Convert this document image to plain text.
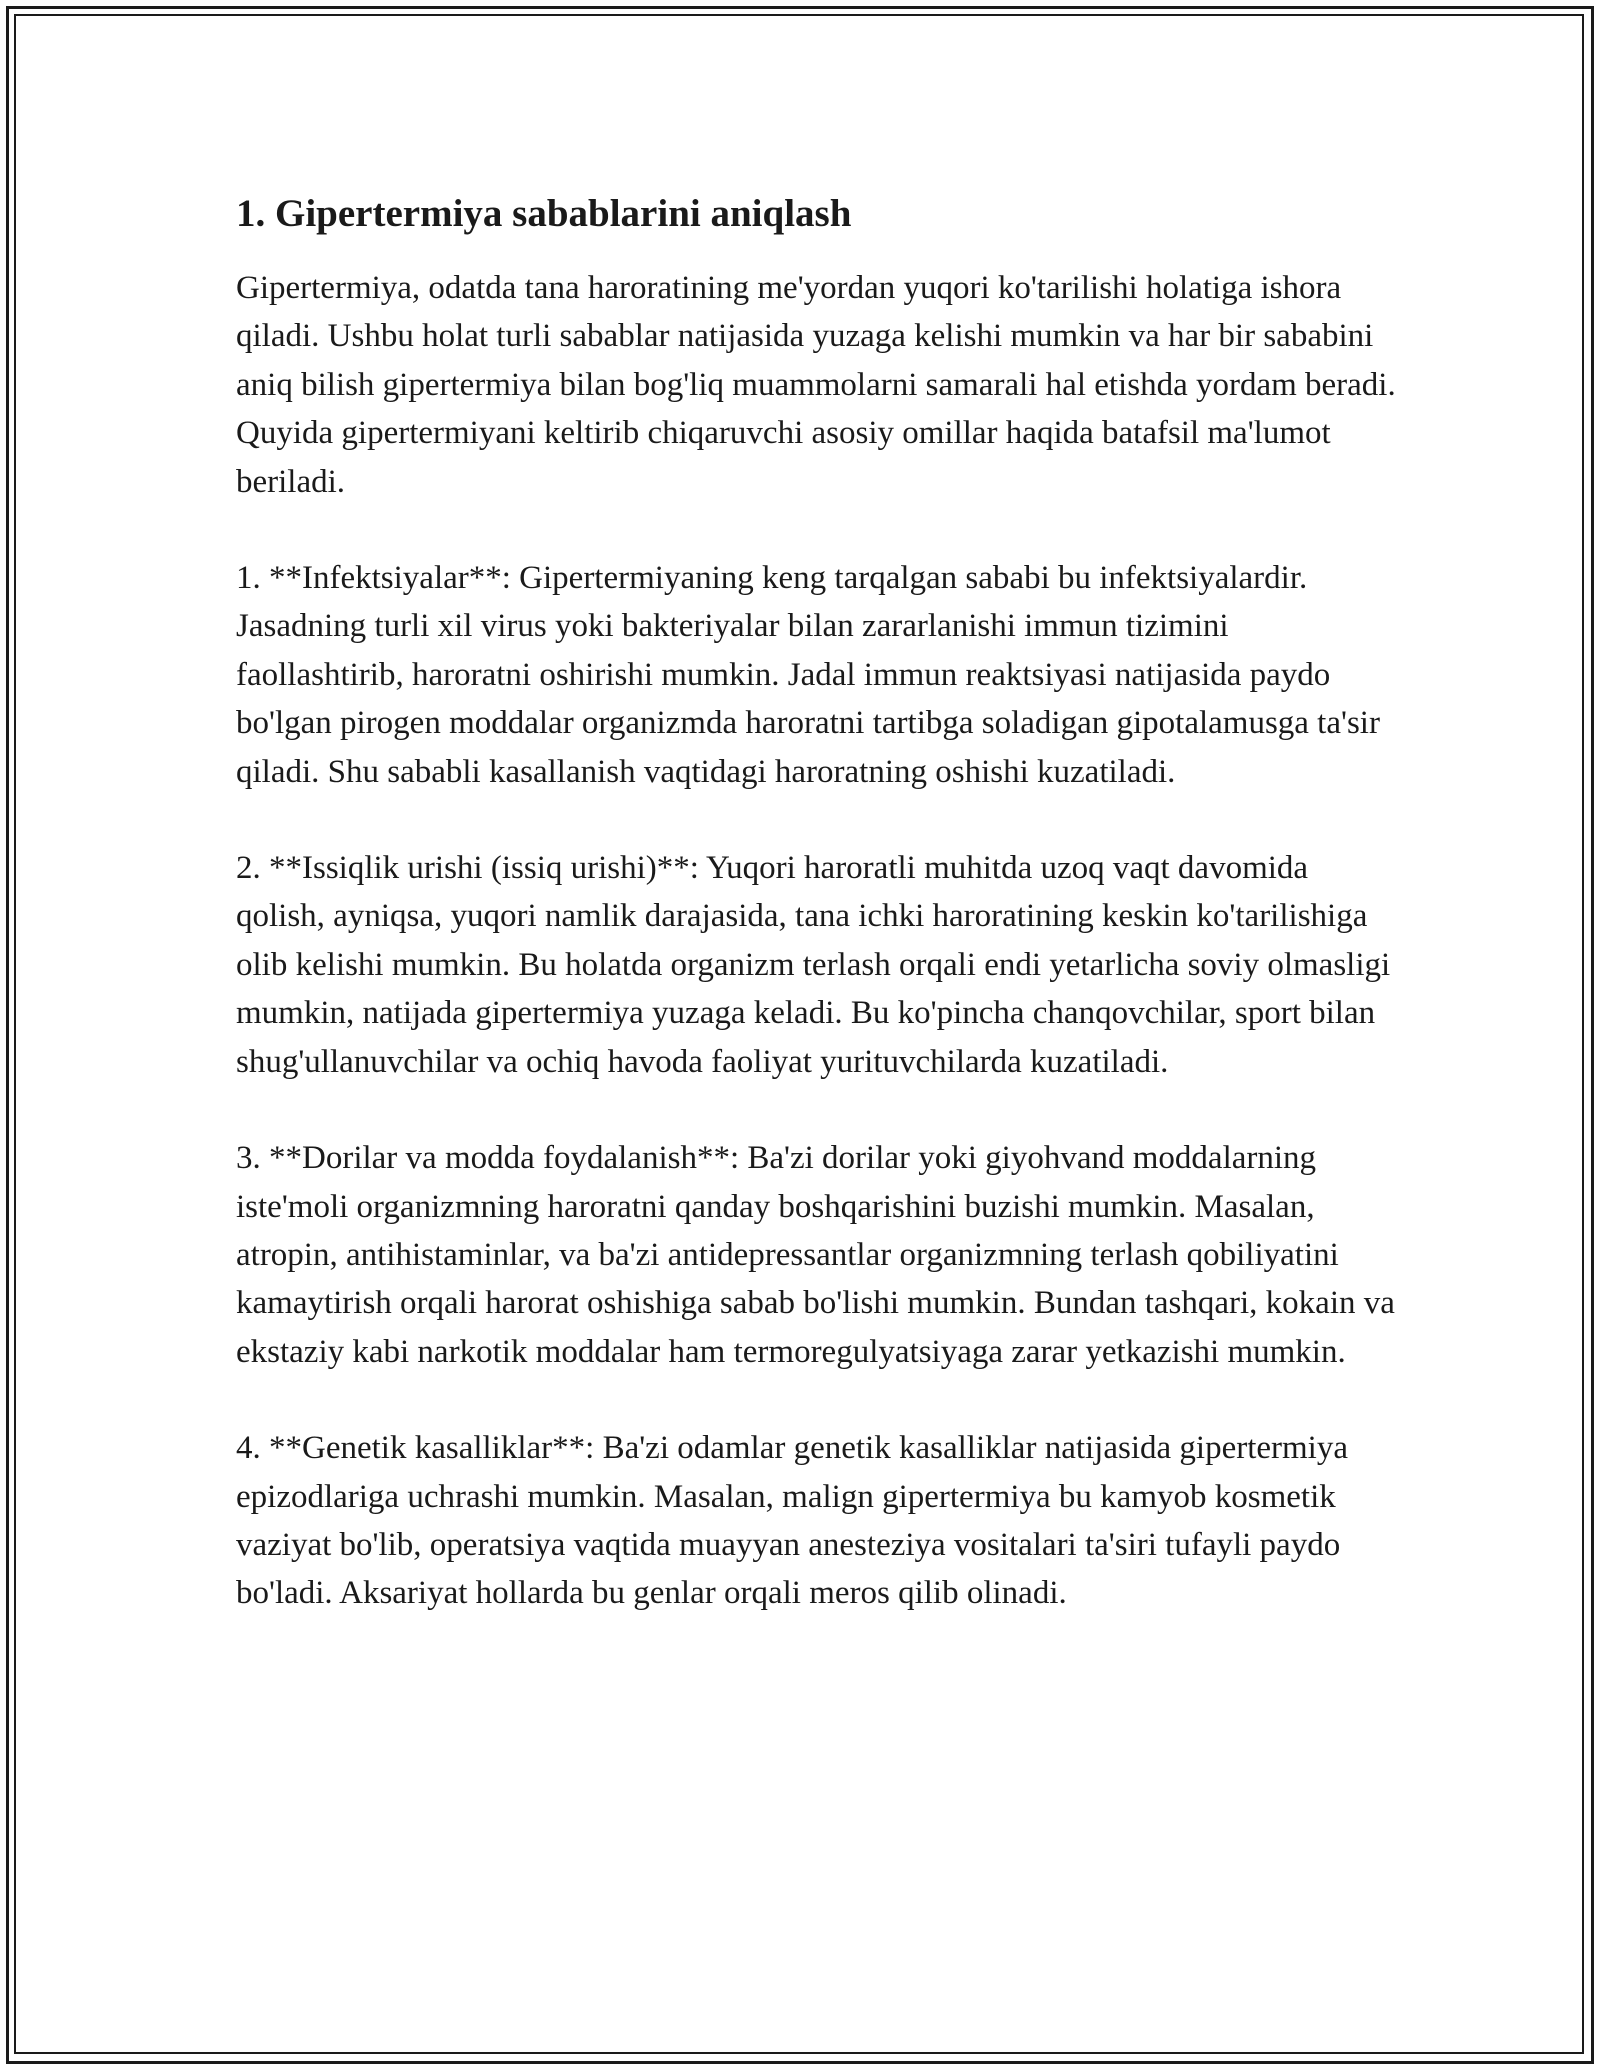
1. Gipertermiya sabablarini aniqlash

Gipertermiya, odatda tana haroratining me'yordan yuqori ko'tarilishi holatiga ishora qiladi. Ushbu holat turli sabablar natijasida yuzaga kelishi mumkin va har bir sababini aniq bilish gipertermiya bilan bog'liq muammolarni samarali hal etishda yordam beradi. Quyida gipertermiyani keltirib chiqaruvchi asosiy omillar haqida batafsil ma'lumot beriladi.

1. **Infektsiyalar**: Gipertermiyaning keng tarqalgan sababi bu infektsiyalardir. Jasadning turli xil virus yoki bakteriyalar bilan zararlanishi immun tizimini faollashtirib, haroratni oshirishi mumkin. Jadal immun reaktsiyasi natijasida paydo bo'lgan pirogen moddalar organizmda haroratni tartibga soladigan gipotalamusga ta'sir qiladi. Shu sababli kasallanish vaqtidagi haroratning oshishi kuzatiladi.

2. **Issiqlik urishi (issiq urishi)**: Yuqori haroratli muhitda uzoq vaqt davomida qolish, ayniqsa, yuqori namlik darajasida, tana ichki haroratining keskin ko'tarilishiga olib kelishi mumkin. Bu holatda organizm terlash orqali endi yetarlicha soviy olmasligi mumkin, natijada gipertermiya yuzaga keladi. Bu ko'pincha chanqovchilar, sport bilan shug'ullanuvchilar va ochiq havoda faoliyat yurituvchilarda kuzatiladi.

3. **Dorilar va modda foydalanish**: Ba'zi dorilar yoki giyohvand moddalarning iste'moli organizmning haroratni qanday boshqarishini buzishi mumkin. Masalan, atropin, antihistaminlar, va ba'zi antidepressantlar organizmning terlash qobiliyatini kamaytirish orqali harorat oshishiga sabab bo'lishi mumkin. Bundan tashqari, kokain va ekstaziy kabi narkotik moddalar ham termoregulyatsiyaga zarar yetkazishi mumkin.

4. **Genetik kasalliklar**: Ba'zi odamlar genetik kasalliklar natijasida gipertermiya epizodlariga uchrashi mumkin. Masalan, malign gipertermiya bu kamyob kosmetik vaziyat bo'lib, operatsiya vaqtida muayyan anesteziya vositalari ta'siri tufayli paydo bo'ladi. Aksariyat hollarda bu genlar orqali meros qilib olinadi.
